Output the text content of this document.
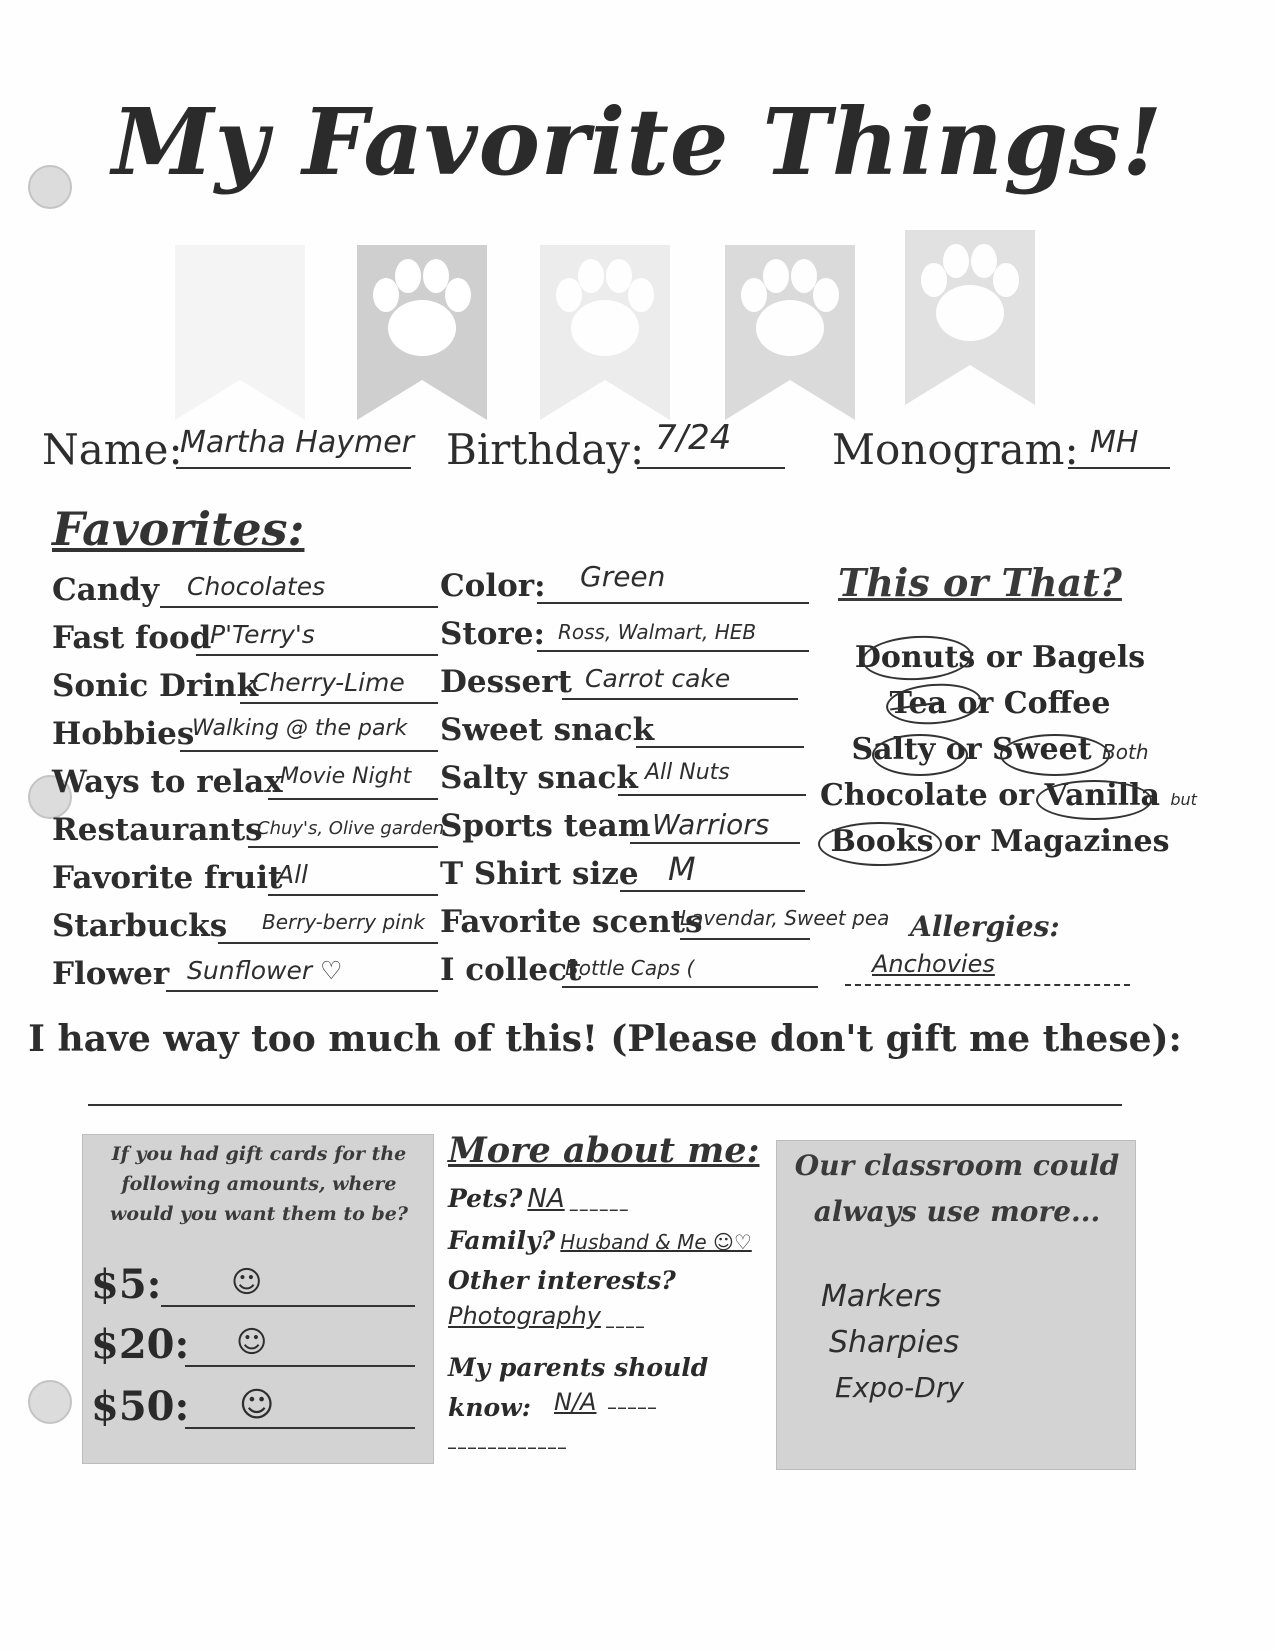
My Favorite Things!
Name:
Martha Haymer Birthday: 7/24 Monogram: MH
Favorites:
Candy Chocolates
Fast food
P'Terry's
Sonic Drink
Cherry-Lime
Hobbies
Walking @ the park
Ways to relax
Movie Night
Restaurants
Chuy's, Olive garden
Favorite fruit
All
Starbucks Berry-berry pink
Flower Sunflower ♡
Color: Green
Store: Ross, Walmart, HEB
Dessert Carrot cake
Sweet snack
Salty snack All Nuts
Sports team Warriors
T Shirt size M
Favorite scents
Lavendar, Sweet pea
I collect
Bottle Caps (
This or That?
Donuts or Bagels
Tea or Coffee
Salty or Sweet Both
Chocolate or Vanilla but
Books or Magazines
Allergies:
Anchovies
I have way too much of this! (Please don't gift me these):
If you had gift cards for the following amounts, where would you want them to be?
$5: ☺
$20: ☺
$50: ☺
More about me:
Pets? NA ______
Family? Husband & Me ☺♡
Other interests?
Photography ____
My parents should know: N/A _____
____________
Our classroom could always use more...
Markers
Sharpies
Expo-Dry
